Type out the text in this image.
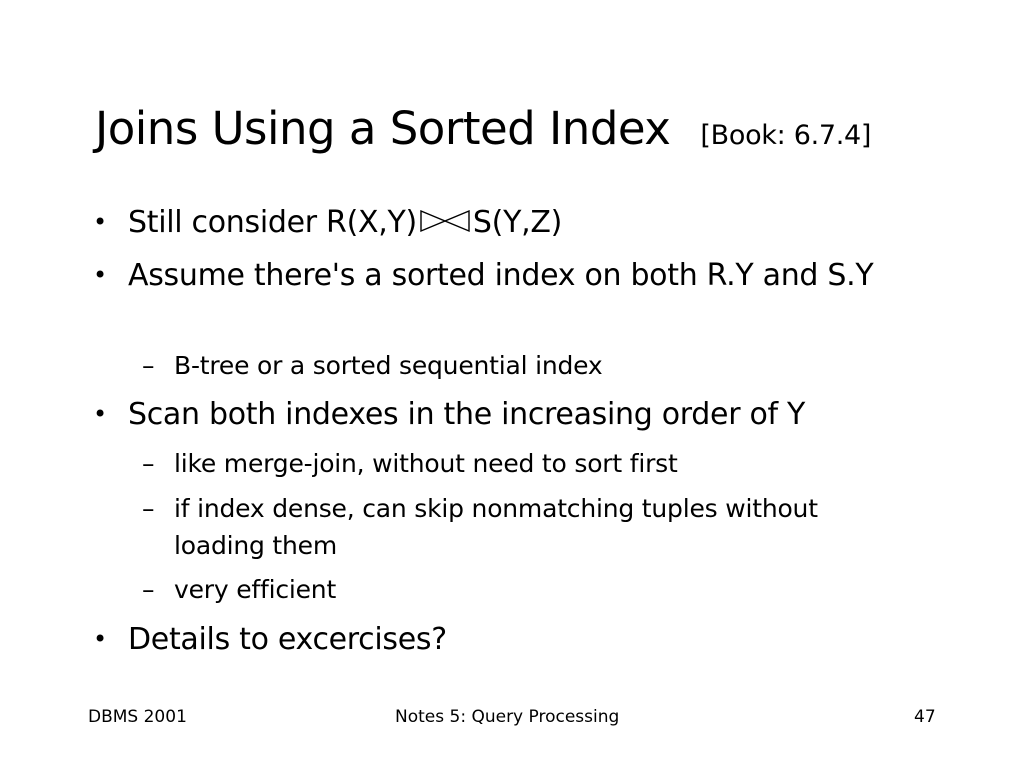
Joins Using a Sorted Index [Book: 6.7.4]
• Still consider R(X,Y) S(Y,Z)
• Assume there's a sorted index on both R.Y and S.Y
– B-tree or a sorted sequential index
• Scan both indexes in the increasing order of Y
– like merge-join, without need to sort first
– if index dense, can skip nonmatching tuples without loading them
– very efficient
• Details to excercises?
DBMS 2001	Notes 5: Query Processing	47
